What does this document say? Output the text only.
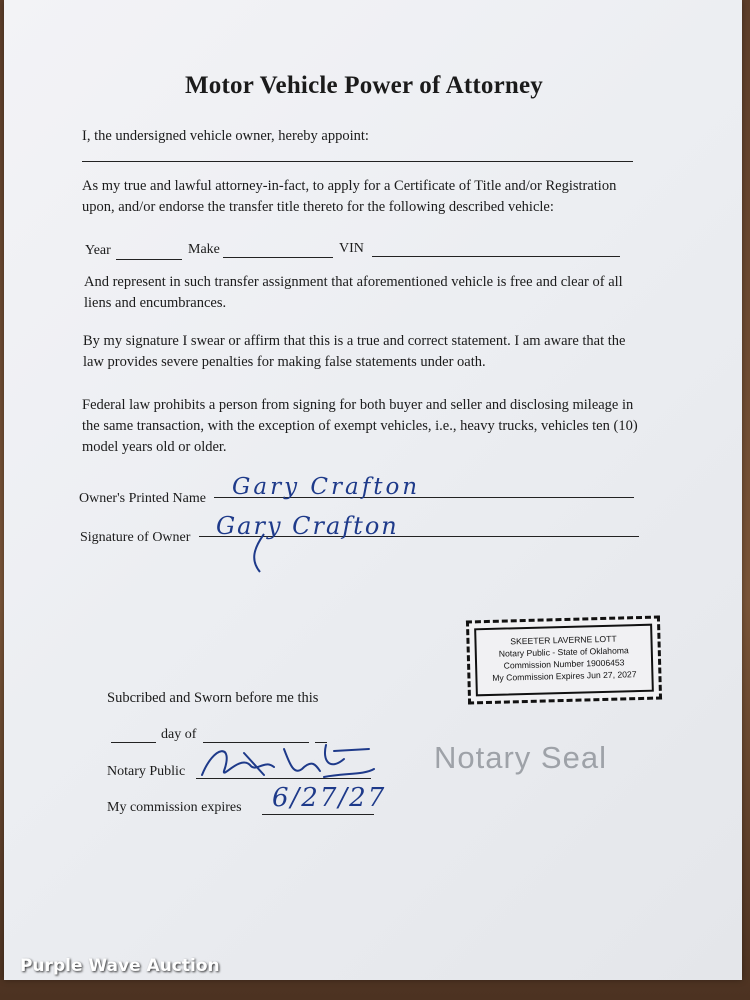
Motor Vehicle Power of Attorney
I, the undersigned vehicle owner, hereby appoint:
As my true and lawful attorney-in-fact, to apply for a Certificate of Title and/or Registration
upon, and/or endorse the transfer title thereto for the following described vehicle:
Year	Make	VIN
And represent in such transfer assignment that aforementioned vehicle is free and clear of all
liens and encumbrances.
By my signature I swear or affirm that this is a true and correct statement. I am aware that the
law provides severe penalties for making false statements under oath.
Federal law prohibits a person from signing for both buyer and seller and disclosing mileage in
the same transaction, with the exception of exempt vehicles, i.e., heavy trucks, vehicles ten (10)
model years old or older.
Owner's Printed Name Gary Crafton
Signature of Owner Gary Crafton
SKEETER LAVERNE LOTT
Notary Public - State of Oklahoma
Commission Number 19006453
My Commission Expires Jun 27, 2027
Subcribed and Sworn before me this
day of
Notary Public	Notary Seal
My commission expires 6/27/27
Purple Wave Auction
